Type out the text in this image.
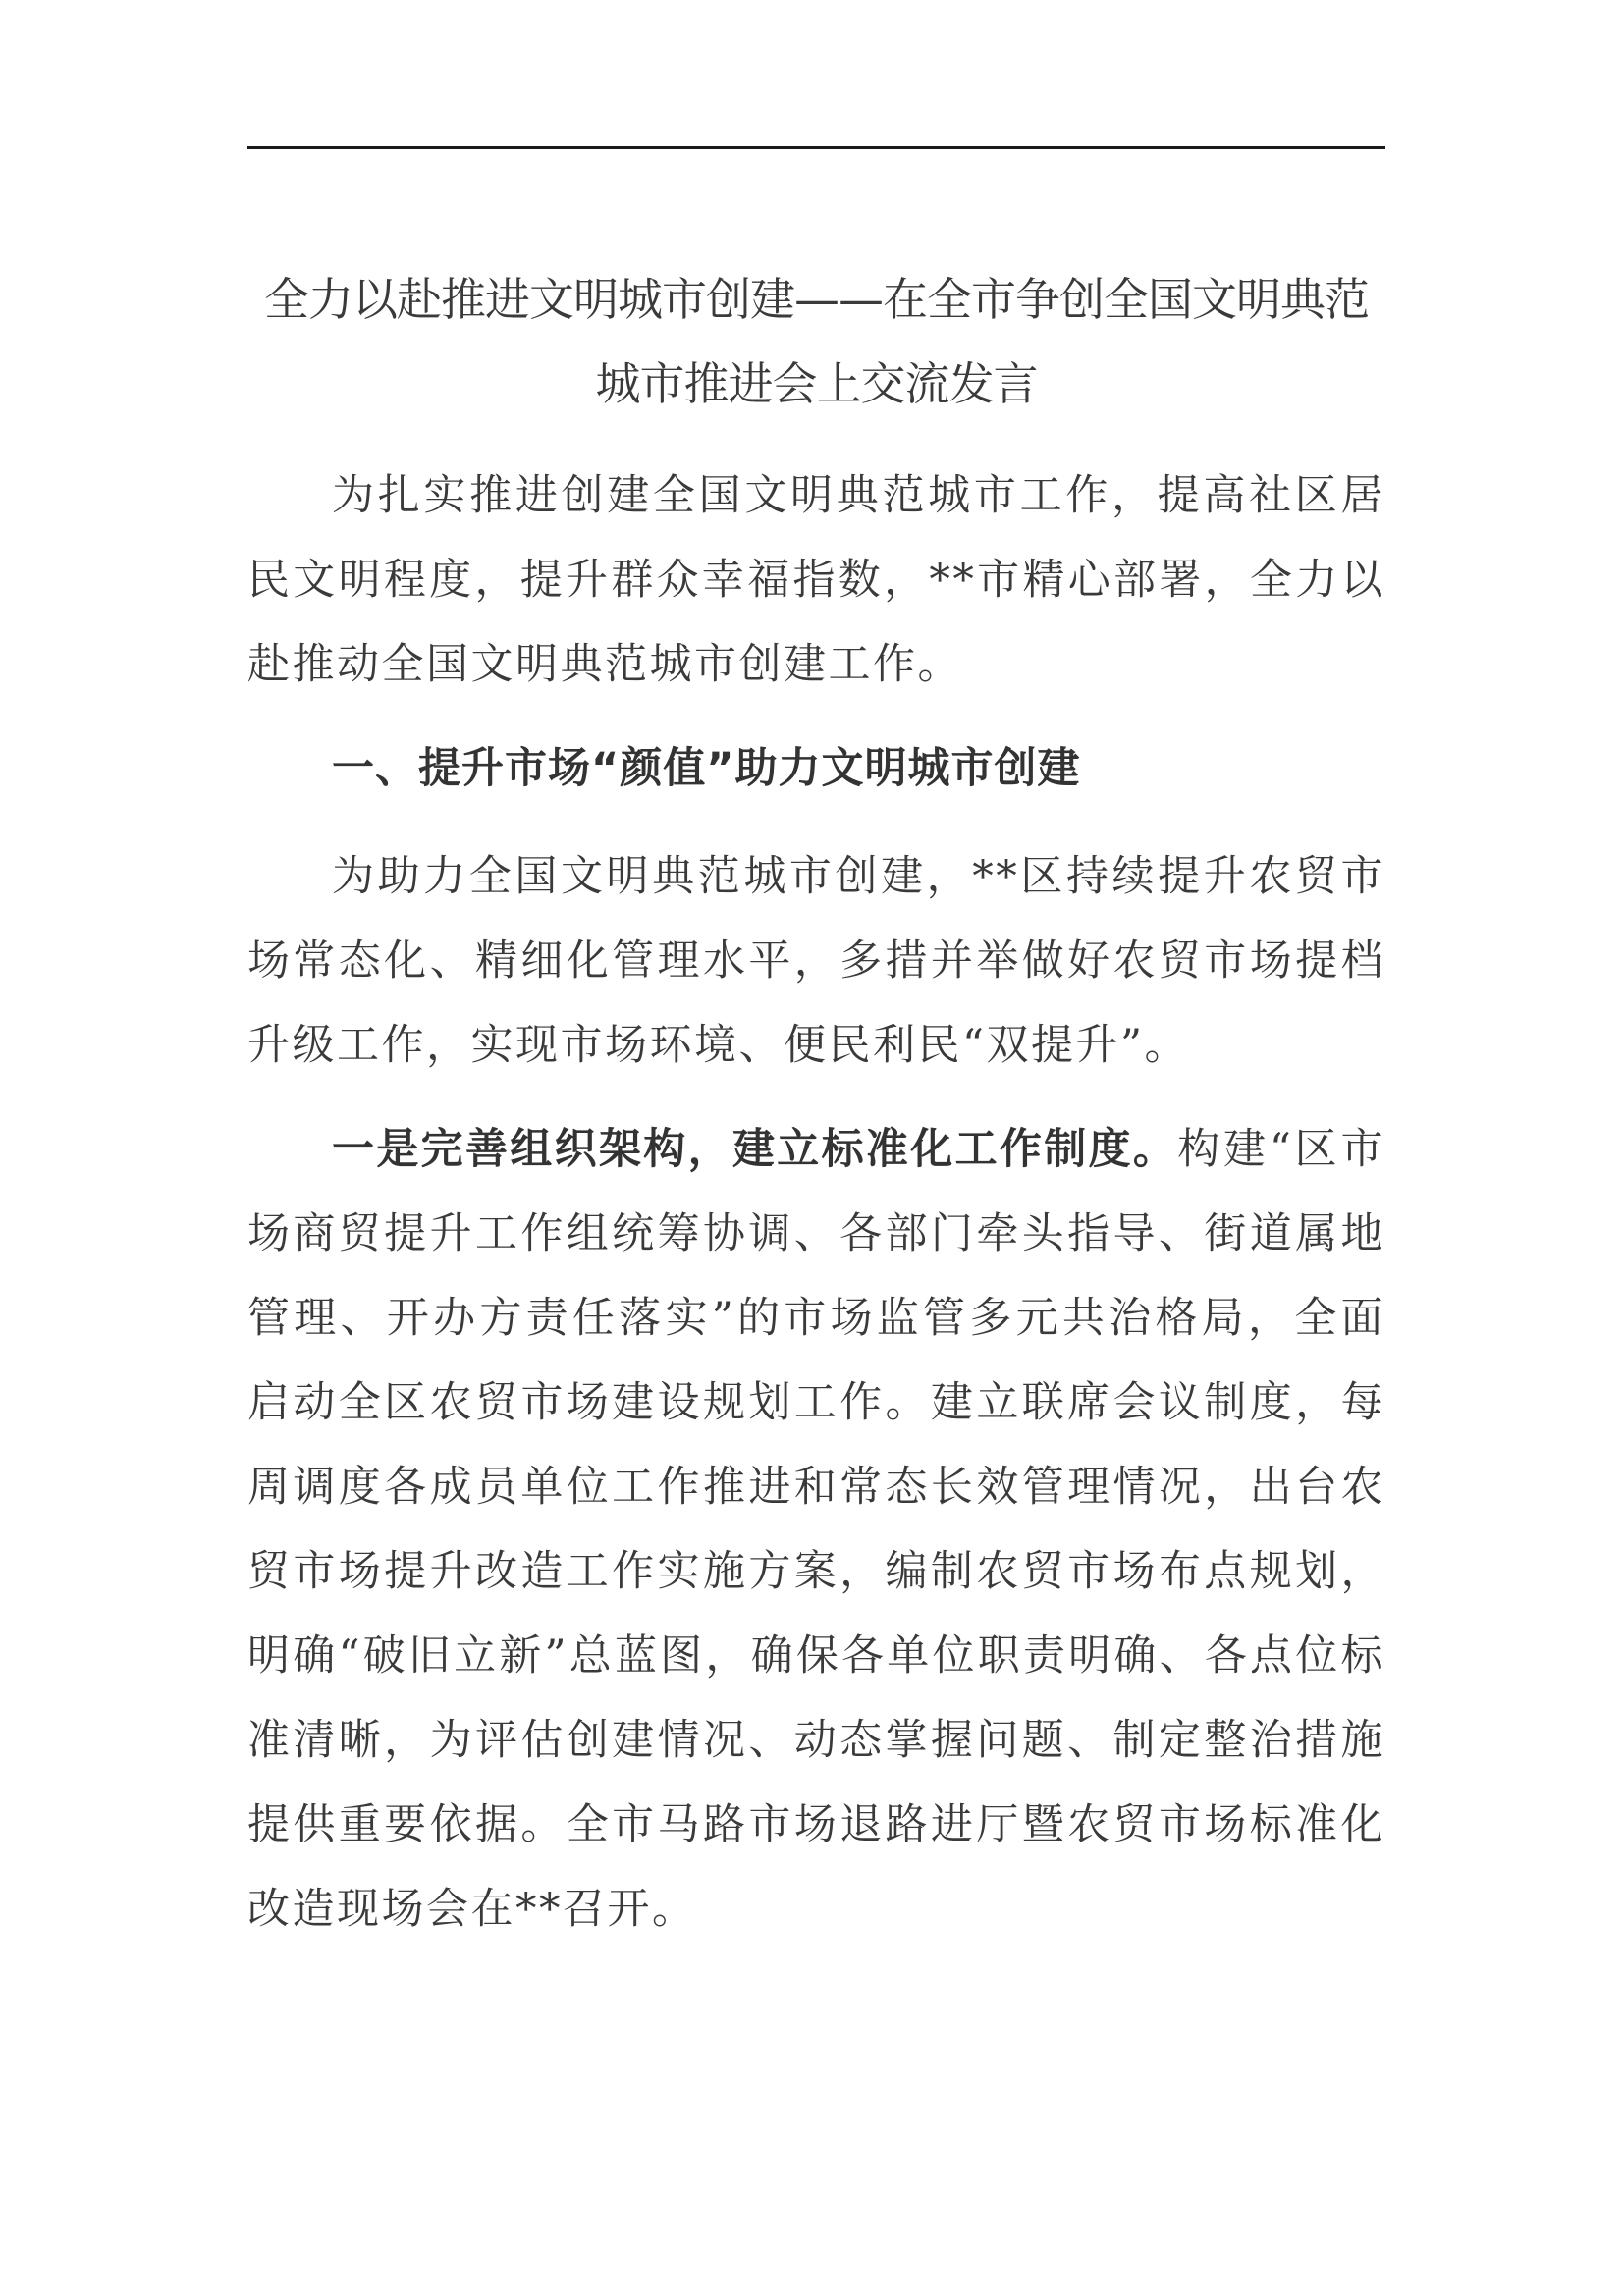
全力以赴推进文明城市创建——在全市争创全国文明典范
城市推进会上交流发言

为扎实推进创建全国文明典范城市工作，提高社区居民文明程度，提升群众幸福指数，**市精心部署，全力以赴推动全国文明典范城市创建工作。

一、提升市场“颜值”助力文明城市创建

为助力全国文明典范城市创建，**区持续提升农贸市场常态化、精细化管理水平，多措并举做好农贸市场提档升级工作，实现市场环境、便民利民“双提升”。

一是完善组织架构，建立标准化工作制度。构建“区市场商贸提升工作组统筹协调、各部门牵头指导、街道属地管理、开办方责任落实”的市场监管多元共治格局，全面启动全区农贸市场建设规划工作。建立联席会议制度，每周调度各成员单位工作推进和常态长效管理情况，出台农贸市场提升改造工作实施方案，编制农贸市场布点规划，明确“破旧立新”总蓝图，确保各单位职责明确、各点位标准清晰，为评估创建情况、动态掌握问题、制定整治措施提供重要依据。全市马路市场退路进厅暨农贸市场标准化改造现场会在**召开。
